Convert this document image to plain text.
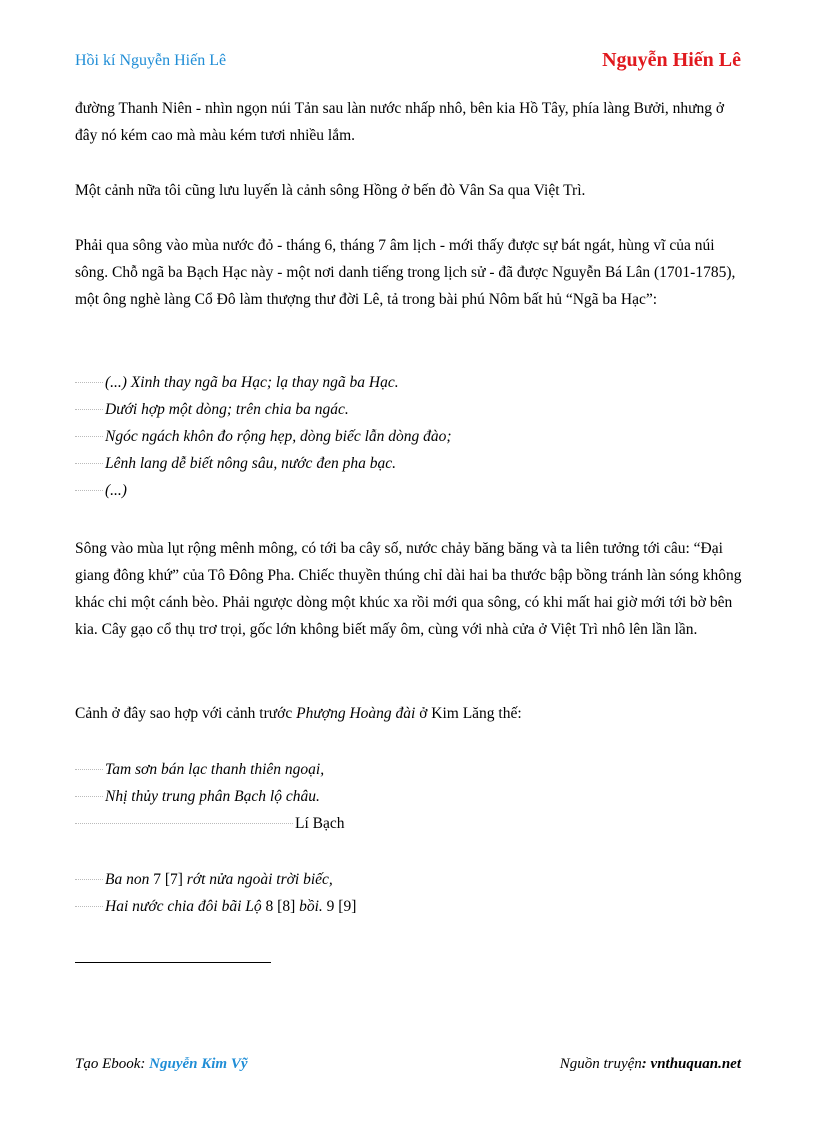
Hồi kí Nguyễn Hiến Lê	Nguyễn Hiến Lê
đường Thanh Niên - nhìn ngọn núi Tản sau làn nước nhấp nhô, bên kia Hồ Tây, phía làng Bưởi, nhưng ở đây nó kém cao mà màu kém tươi nhiều lắm.
Một cảnh nữa tôi cũng lưu luyến là cảnh sông Hồng ở bến đò Vân Sa qua Việt Trì.
Phải qua sông vào mùa nước đỏ - tháng 6, tháng 7 âm lịch - mới thấy được sự bát ngát, hùng vĩ của núi sông. Chỗ ngã ba Bạch Hạc này - một nơi danh tiếng trong lịch sử - đã được Nguyễn Bá Lân (1701-1785), một ông nghè làng Cổ Đô làm thượng thư đời Lê, tả trong bài phú Nôm bất hủ “Ngã ba Hạc”:
(...) Xinh thay ngã ba Hạc; lạ thay ngã ba Hạc.
Dưới hợp một dòng; trên chia ba ngác.
Ngóc ngách khôn đo rộng hẹp, dòng biếc lẫn dòng đào;
Lênh lang dễ biết nông sâu, nước đen pha bạc.
(...)
Sông vào mùa lụt rộng mênh mông, có tới ba cây số, nước chảy băng băng và ta liên tưởng tới câu: “Đại giang đông khứ” của Tô Đông Pha. Chiếc thuyền thúng chỉ dài hai ba thước bập bồng tránh làn sóng không khác chi một cánh bèo. Phải ngược dòng một khúc xa rồi mới qua sông, có khi mất hai giờ mới tới bờ bên kia. Cây gạo cổ thụ trơ trọi, gốc lớn không biết mấy ôm, cùng với nhà cửa ở Việt Trì nhô lên lần lần.
Cảnh ở đây sao hợp với cảnh trước Phượng Hoàng đài ở Kim Lăng thế:
Tam sơn bán lạc thanh thiên ngoại,
Nhị thủy trung phân Bạch lộ châu.
Lí Bạch
Ba non
7 [7]
rớt nửa ngoài trời biếc,
Hai nước chia đôi bãi Lộ
8 [8]
bồi.
9 [9]
Tạo Ebook: Nguyễn Kim Vỹ	Nguồn truyện: vnthuquan.net
